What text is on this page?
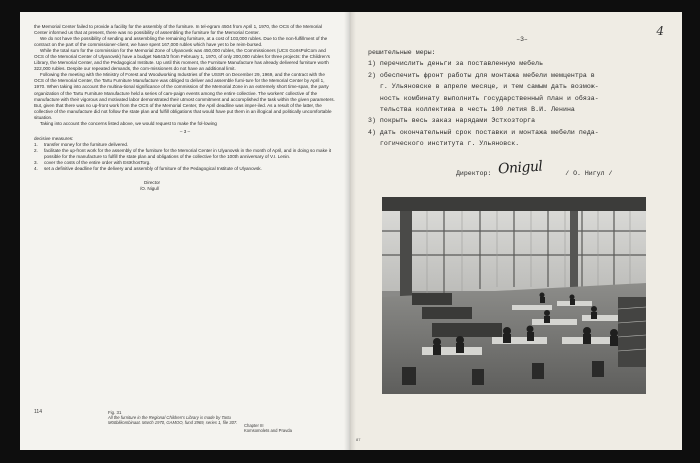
the Memorial Center failed to provide a facility for the assembly of the furniture. In tel-egram 4504 from April 1, 1970, the OCS of the Memorial Center informed us that at present, there was no possibility of assembling the furniture for the Memorial Center.

We do not have the possibility of sending and assembling the remaining furniture, at a cost of 103,000 rubles. Due to the non-fulfillment of the contract on the part of the commissioner-client, we have spent 167,000 rubles which have yet to be reim-bursed.

While the total sum for the commission for the Memorial Zone of Ulyanovsk was 450,000 rubles, the Commissioners (UCS GorIsPolCom and OCS of the Memorial Center of Ulyanovsk) have a budget №643/3 from February 1, 1970, of only 200,000 rubles for three projects: the Children's Library, the Memorial Center, and the Pedagogical Institute. Up until this moment, the Furniture Manufacture has already delivered furniture worth 322,000 rubles. Despite our repeated demands, the com-missioners do not have an additional limit.

Following the meeting with the Ministry of Forest and Woodworking Industries of the USSR on December 29, 1969, and the contract with the OCS of the Memorial Center, the Tartu Furniture Manufacture was obliged to deliver and assemble furni-ture for the Memorial Center by April 1, 1970. When taking into account the multina-tional significance of the commission of the Memorial Zone in an extremely short time-span, the party organization of the Tartu Furniture Manufacture held a series of cam-paign events among the entire collective. The workers' collective of the manufacture with their vigorous and motivated labor demonstrated their utmost commitment and accomplished the task within the given parameters. But, given that there was no up-front work from the OCS of the Memorial Center, the April deadline was imper-iled. As a result of the latter, the collective of the manufacture did not follow the state plan and fulfill obligations that would have put them in an illogical and politically uncomfortable situation.

Taking into account the concerns listed above, we would request to make the fol-lowing

– 3 –

decisive measures:

1.	transfer money for the furniture delivered.
2.	facilitate the up-front work for the assembly of the furniture for the Memorial Center in Ulyanovsk in the month of April, and in doing so make it possible for the manufacture to fulfill the state plan and obligations of the collective for the 100th anniversary of V.I. Lenin.
3.	cover the costs of the entire order with EstKhosTorg.
4.	set a definitive deadline for the delivery and assembly of furniture of the Pedagogical Institute of Ulyanovsk.
Director
/O. Nigul/
114	Fig. 31
All the furniture in the Regional Children's Library is made by Tartu Mööblikombinaat. March 1970, GAMOO, fund 3969, series 1, file 307.
Chapter III
Komsomolets and Pravda
4
–3–
решительные меры:
1) перечислить деньги за поставленную мебель
2) обеспечить фронт работы для монтажа мебели мемцентра в
г. Ульяновске в апреле месяце, и тем самым дать возмож-
ность комбинату выполнить государственный план и обяза-
тельства коллектива в честь 100 летия В.И. Ленина
3) покрыть весь заказ нарядами Эстхозторга
4) дать окончательный срок поставки и монтажа мебели педа-
гогического института г. Ульяновск.
Директор: Onigul	/ О. Нигул /
87
